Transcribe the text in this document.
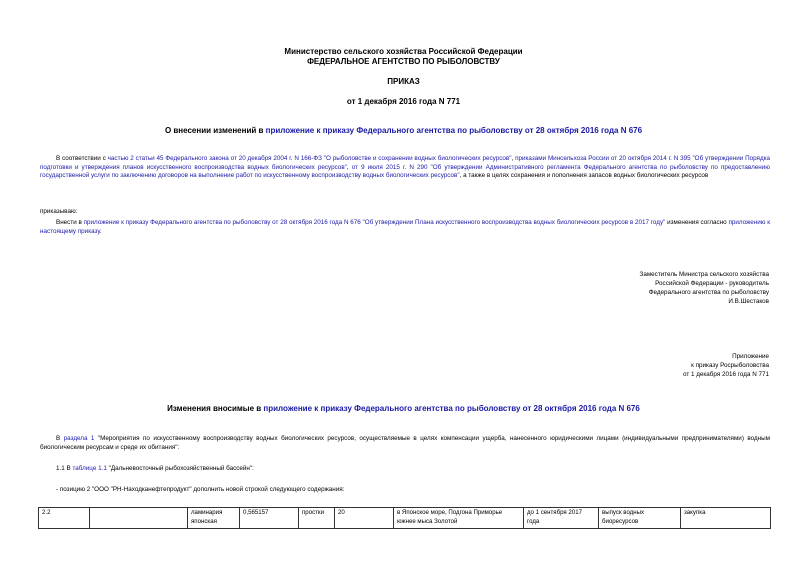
Министерство сельского хозяйства Российской Федерации
ФЕДЕРАЛЬНОЕ АГЕНТСТВО ПО РЫБОЛОВСТВУ
ПРИКАЗ
от 1 декабря 2016 года N 771
О внесении изменений в приложение к приказу Федерального агентства по рыболовству от 28 октября 2016 года N 676
В соответствии с частью 2 статьи 45 Федерального закона от 20 декабря 2004 г. N 166-ФЗ "О рыболовстве и сохранении водных биологических ресурсов", приказами Минсельхоза России от 20 октября 2014 г. N 395 "Об утверждении Порядка подготовки и утверждения планов искусственного воспроизводства водных биологических ресурсов", от 9 июля 2015 г. N 290 "Об утверждении Административного регламента Федерального агентства по рыболовству по предоставлению государственной услуги по заключению договоров на выполнение работ по искусственному воспроизводству водных биологических ресурсов", а также в целях сохранения и пополнения запасов водных биологических ресурсов
приказываю:
Внести в приложение к приказу Федерального агентства по рыболовству от 28 октября 2016 года N 676 "Об утверждении Плана искусственного воспроизводства водных биологических ресурсов в 2017 году" изменения согласно приложению к настоящему приказу.
Заместитель Министра сельского хозяйства
Российской Федерации - руководитель
Федерального агентства по рыболовству
И.В.Шестаков
Приложение
к приказу Росрыболовства
от 1 декабря 2016 года N 771
Изменения вносимые в приложение к приказу Федерального агентства по рыболовству от 28 октября 2016 года N 676
В раздела 1 "Мероприятия по искусственному воспроизводству водных биологических ресурсов, осуществляемые в целях компенсации ущерба, нанесенного юридическими лицами (индивидуальными предпринимателями) водным биологическим ресурсам и среде их обитания":
1.1 В таблице 1.1 "Дальневосточный рыбохозяйственный бассейн":
- позицию 2 "ООО "РН-Находканефтепродукт" дополнить новой строкой следующего содержания:
2.2		ламинария японская	0,565157	простки	20	в Японское море, Подгона Приморье южнее мыса Золотой	до 1 сентября 2017 года	выпуск водных биоресурсов	закупка
